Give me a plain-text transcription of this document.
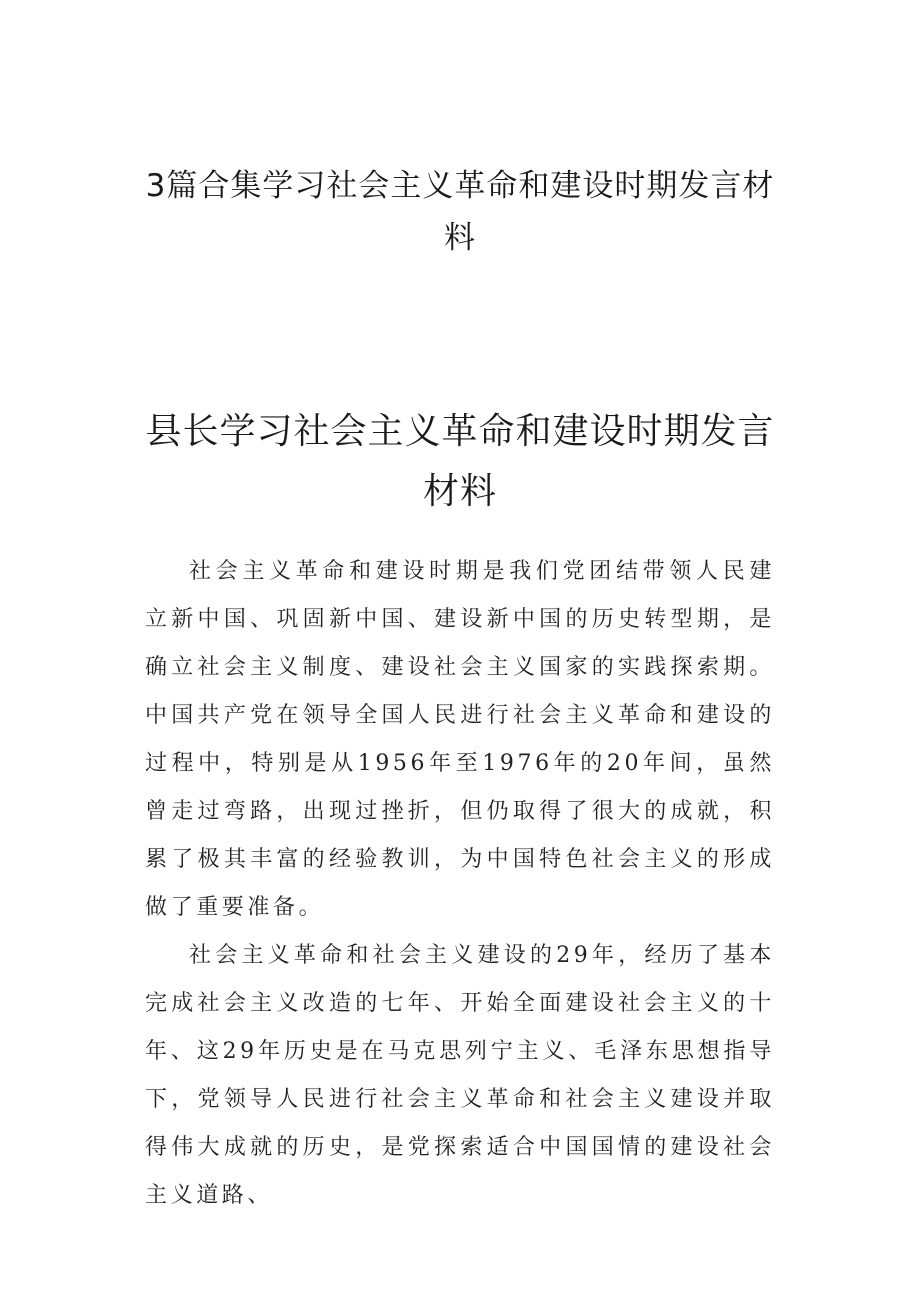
3篇合集学习社会主义革命和建设时期发言材料
县长学习社会主义革命和建设时期发言材料

社会主义革命和建设时期是我们党团结带领人民建立新中国、巩固新中国、建设新中国的历史转型期，是确立社会主义制度、建设社会主义国家的实践探索期。中国共产党在领导全国人民进行社会主义革命和建设的过程中，特别是从1956年至1976年的20年间，虽然曾走过弯路，出现过挫折，但仍取得了很大的成就，积累了极其丰富的经验教训，为中国特色社会主义的形成做了重要准备。

社会主义革命和社会主义建设的29年，经历了基本完成社会主义改造的七年、开始全面建设社会主义的十年、这29年历史是在马克思列宁主义、毛泽东思想指导下，党领导人民进行社会主义革命和社会主义建设并取得伟大成就的历史，是党探索适合中国国情的建设社会主义道路、
